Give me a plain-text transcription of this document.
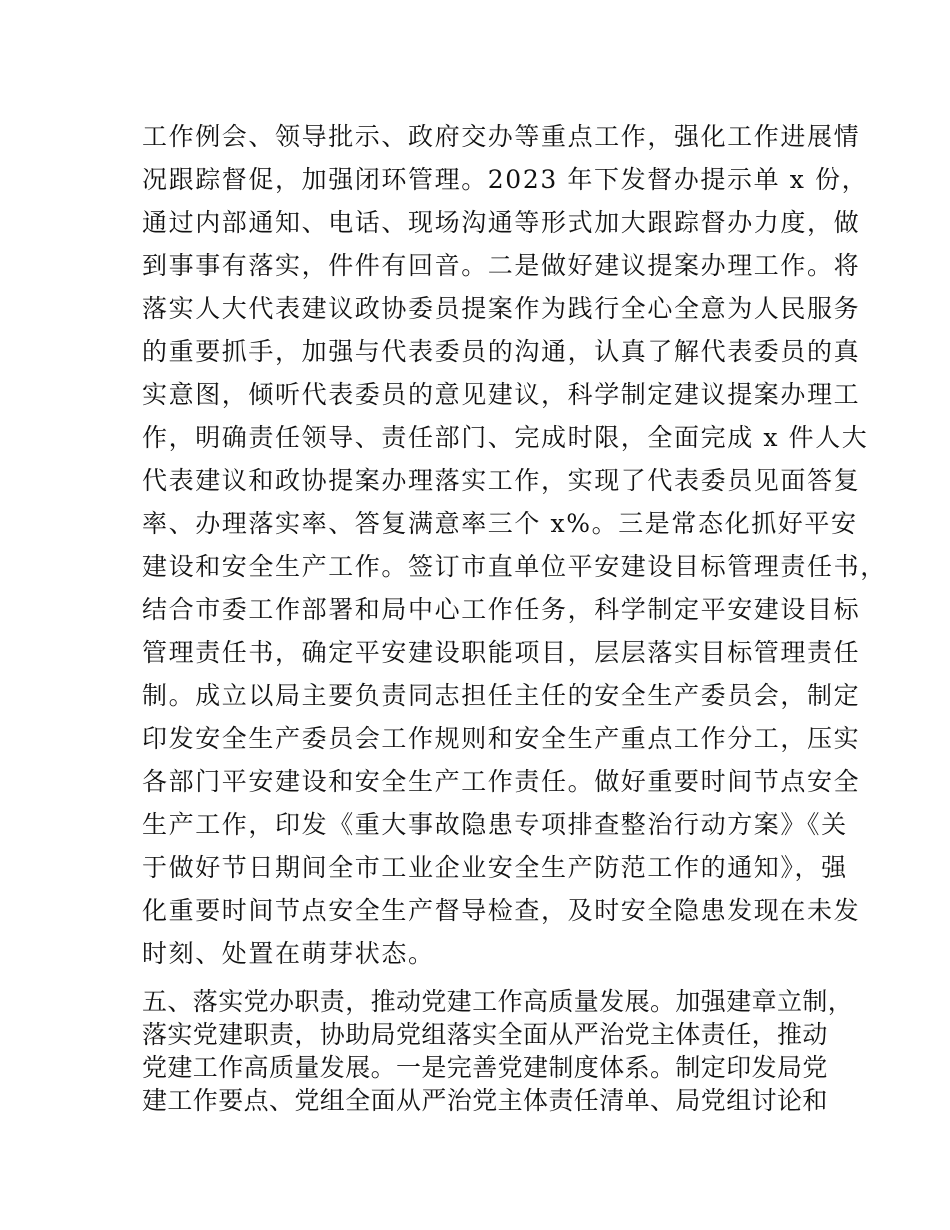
工作例会、领导批示、政府交办等重点工作，强化工作进展情
况跟踪督促，加强闭环管理。2023 年下发督办提示单 x 份，
通过内部通知、电话、现场沟通等形式加大跟踪督办力度，做
到事事有落实，件件有回音。二是做好建议提案办理工作。将
落实人大代表建议政协委员提案作为践行全心全意为人民服务
的重要抓手，加强与代表委员的沟通，认真了解代表委员的真
实意图，倾听代表委员的意见建议，科学制定建议提案办理工
作，明确责任领导、责任部门、完成时限，全面完成 x 件人大
代表建议和政协提案办理落实工作，实现了代表委员见面答复
率、办理落实率、答复满意率三个 x%。三是常态化抓好平安
建设和安全生产工作。签订市直单位平安建设目标管理责任书，
结合市委工作部署和局中心工作任务，科学制定平安建设目标
管理责任书，确定平安建设职能项目，层层落实目标管理责任
制。成立以局主要负责同志担任主任的安全生产委员会，制定
印发安全生产委员会工作规则和安全生产重点工作分工，压实
各部门平安建设和安全生产工作责任。做好重要时间节点安全
生产工作，印发《重大事故隐患专项排查整治行动方案》《关
于做好节日期间全市工业企业安全生产防范工作的通知》，强
化重要时间节点安全生产督导检查，及时安全隐患发现在未发
时刻、处置在萌芽状态。
五、落实党办职责，推动党建工作高质量发展。加强建章立制，
落实党建职责，协助局党组落实全面从严治党主体责任，推动
党建工作高质量发展。一是完善党建制度体系。制定印发局党
建工作要点、党组全面从严治党主体责任清单、局党组讨论和
